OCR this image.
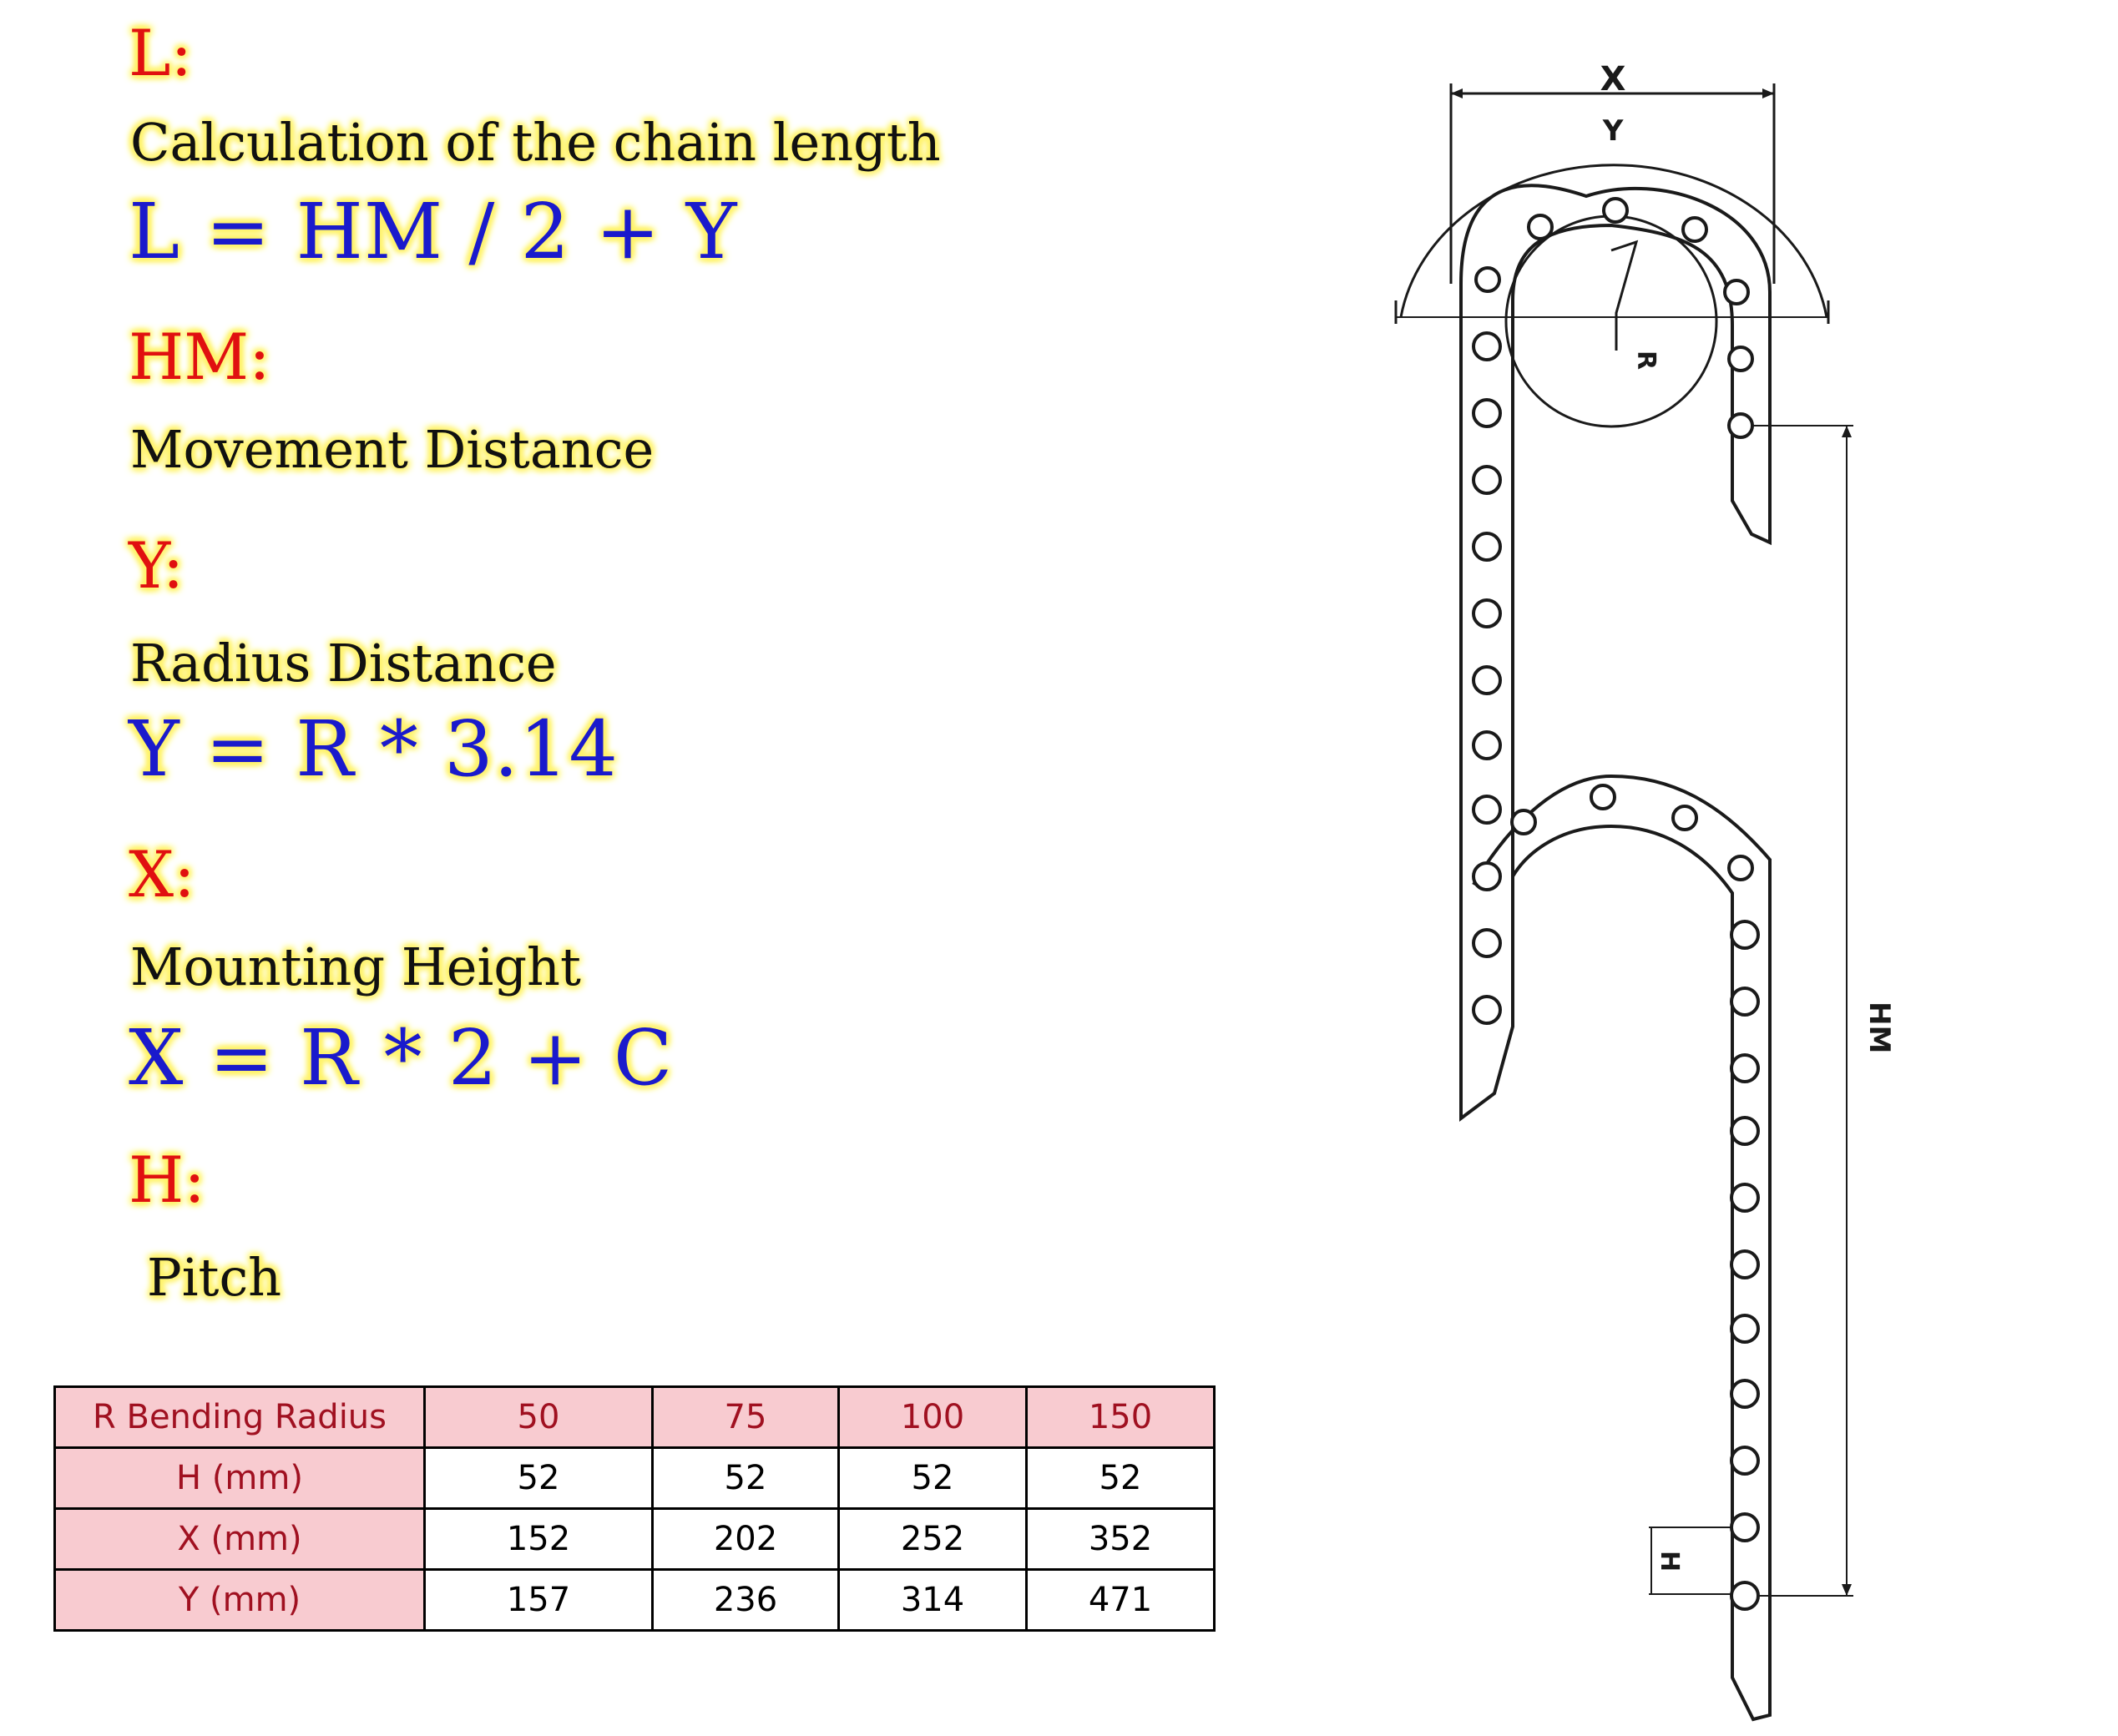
L:
Calculation of the chain length
L = HM / 2 + Y
HM:
Movement Distance
Y:
Radius Distance
Y = R * 3.14
X:
Mounting Height
X = R * 2 + C
H:
Pitch
R Bending Radius	50	75	100	150
H (mm)	52	52	52	52
X (mm)	152	202	252	352
Y (mm)	157	236	314	471
X
Y
R
HM
H
